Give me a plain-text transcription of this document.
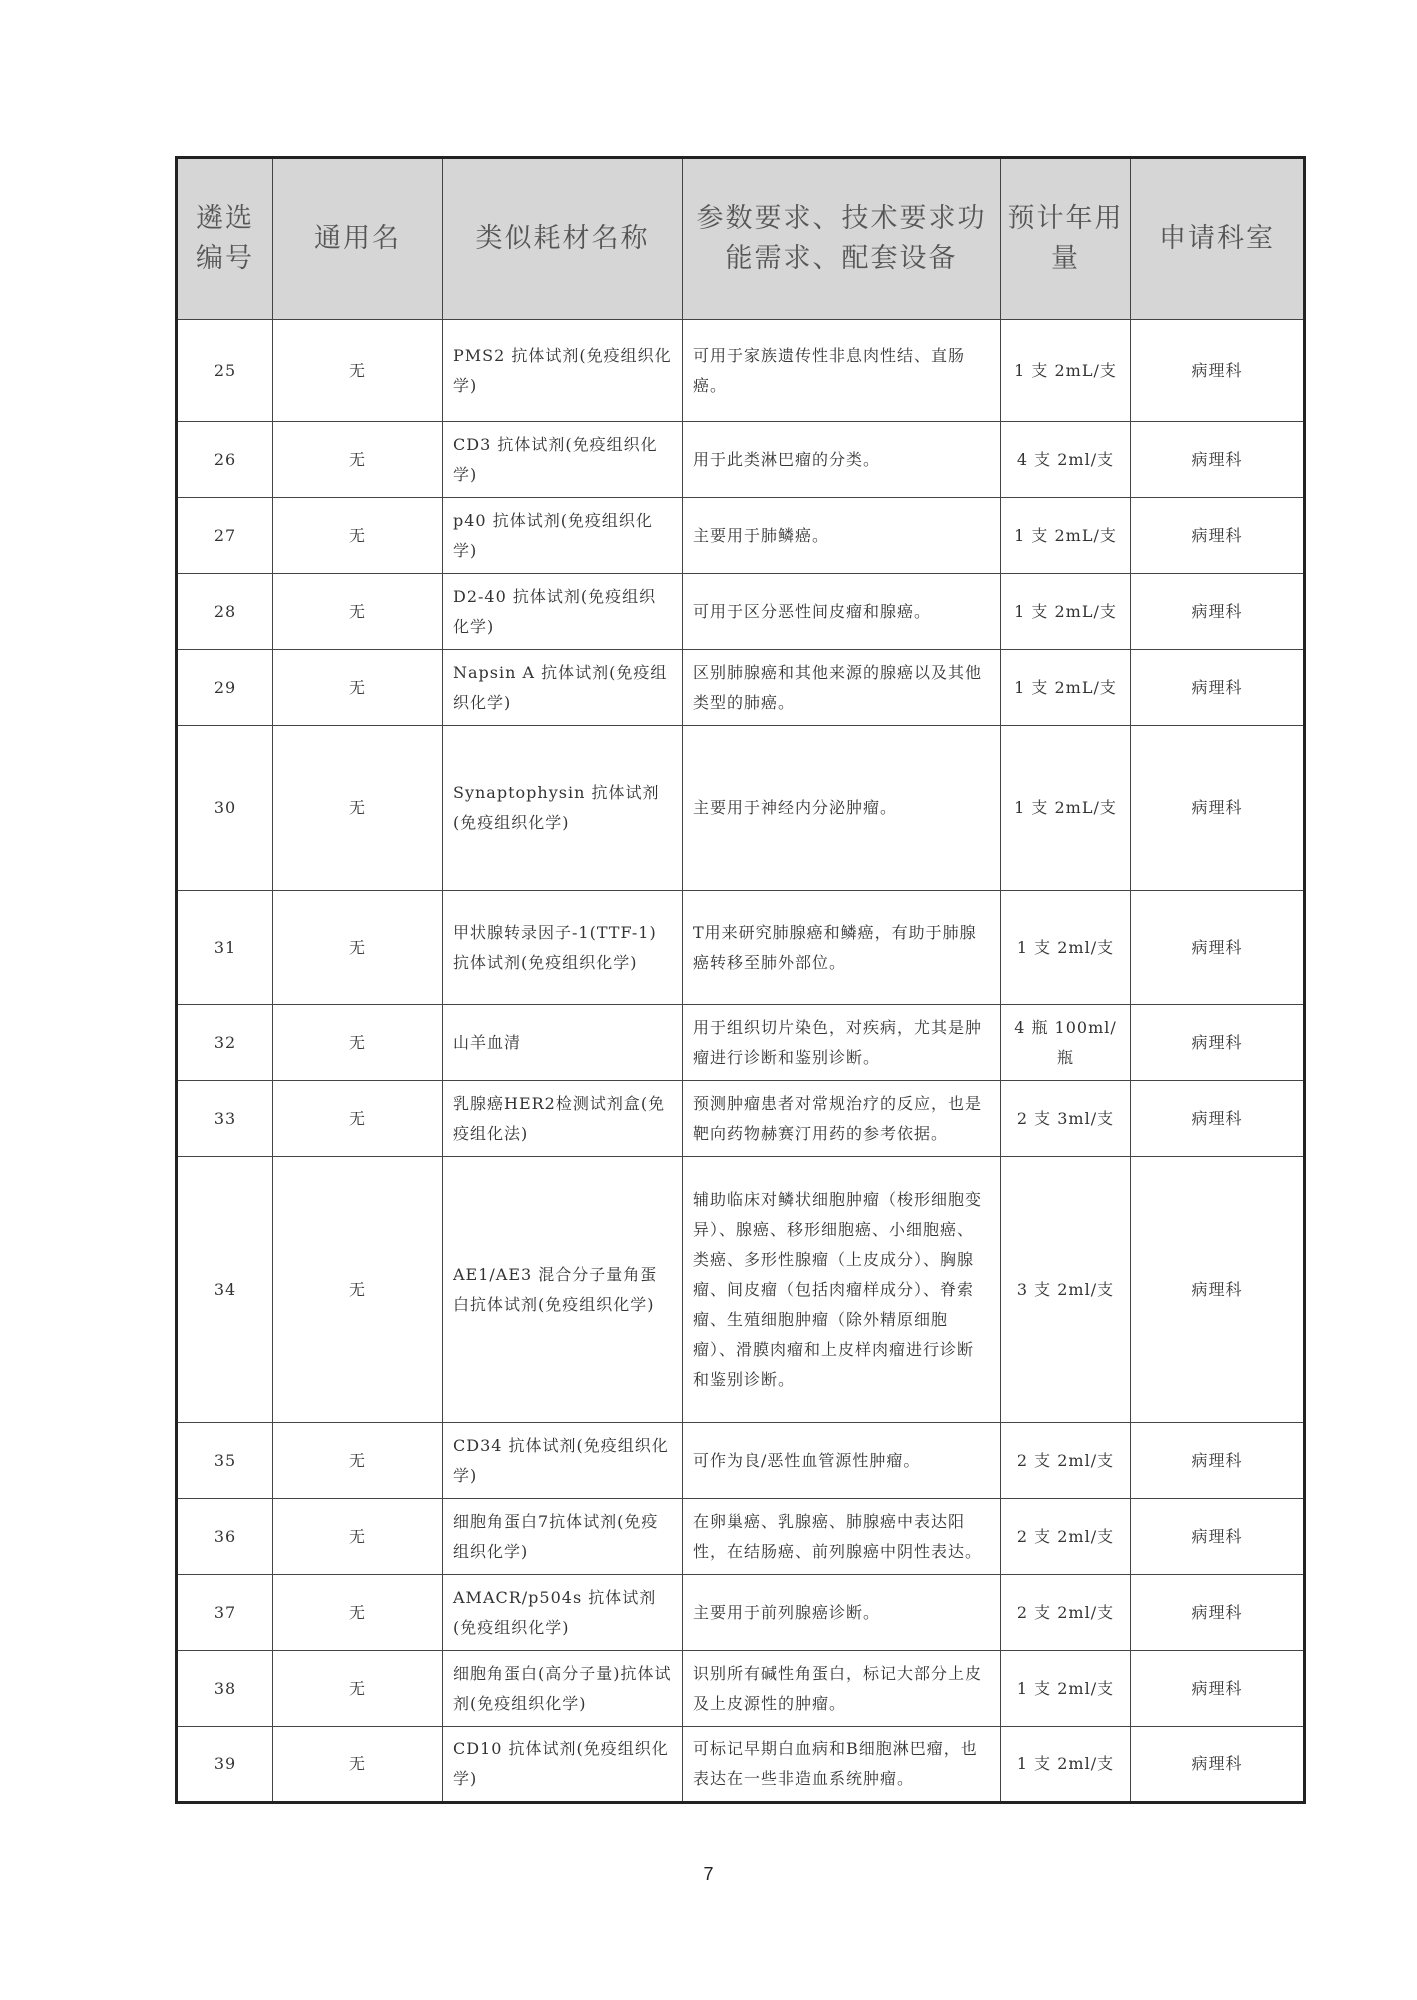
遴选编号	通用名	类似耗材名称	参数要求、技术要求功能需求、配套设备	预计年用量	申请科室
25	无	PMS2 抗体试剂(免疫组织化学)	可用于家族遗传性非息肉性结、直肠癌。	1 支 2mL/支	病理科
26	无	CD3 抗体试剂(免疫组织化学)	用于此类淋巴瘤的分类。	4 支 2ml/支	病理科
27	无	p40 抗体试剂(免疫组织化学)	主要用于肺鳞癌。	1 支 2mL/支	病理科
28	无	D2-40 抗体试剂(免疫组织化学)	可用于区分恶性间皮瘤和腺癌。	1 支 2mL/支	病理科
29	无	Napsin A 抗体试剂(免疫组织化学)	区别肺腺癌和其他来源的腺癌以及其他类型的肺癌。	1 支 2mL/支	病理科
30	无	Synaptophysin 抗体试剂(免疫组织化学)	主要用于神经内分泌肿瘤。	1 支 2mL/支	病理科
31	无	甲状腺转录因子-1(TTF-1)抗体试剂(免疫组织化学)	T用来研究肺腺癌和鳞癌，有助于肺腺癌转移至肺外部位。	1 支 2ml/支	病理科
32	无	山羊血清	用于组织切片染色，对疾病，尤其是肿瘤进行诊断和鉴别诊断。	4 瓶 100ml/瓶	病理科
33	无	乳腺癌HER2检测试剂盒(免疫组化法)	预测肿瘤患者对常规治疗的反应，也是靶向药物赫赛汀用药的参考依据。	2 支 3ml/支	病理科
34	无	AE1/AE3 混合分子量角蛋白抗体试剂(免疫组织化学)	辅助临床对鳞状细胞肿瘤（梭形细胞变异）、腺癌、移形细胞癌、小细胞癌、类癌、多形性腺瘤（上皮成分）、胸腺瘤、间皮瘤（包括肉瘤样成分）、脊索瘤、生殖细胞肿瘤（除外精原细胞瘤）、滑膜肉瘤和上皮样肉瘤进行诊断和鉴别诊断。	3 支 2ml/支	病理科
35	无	CD34 抗体试剂(免疫组织化学)	可作为良/恶性血管源性肿瘤。	2 支 2ml/支	病理科
36	无	细胞角蛋白7抗体试剂(免疫组织化学)	在卵巢癌、乳腺癌、肺腺癌中表达阳性，在结肠癌、前列腺癌中阴性表达。	2 支 2ml/支	病理科
37	无	AMACR/p504s 抗体试剂(免疫组织化学)	主要用于前列腺癌诊断。	2 支 2ml/支	病理科
38	无	细胞角蛋白(高分子量)抗体试剂(免疫组织化学)	识别所有碱性角蛋白，标记大部分上皮及上皮源性的肿瘤。	1 支 2ml/支	病理科
39	无	CD10 抗体试剂(免疫组织化学)	可标记早期白血病和B细胞淋巴瘤，也表达在一些非造血系统肿瘤。	1 支 2ml/支	病理科
7
